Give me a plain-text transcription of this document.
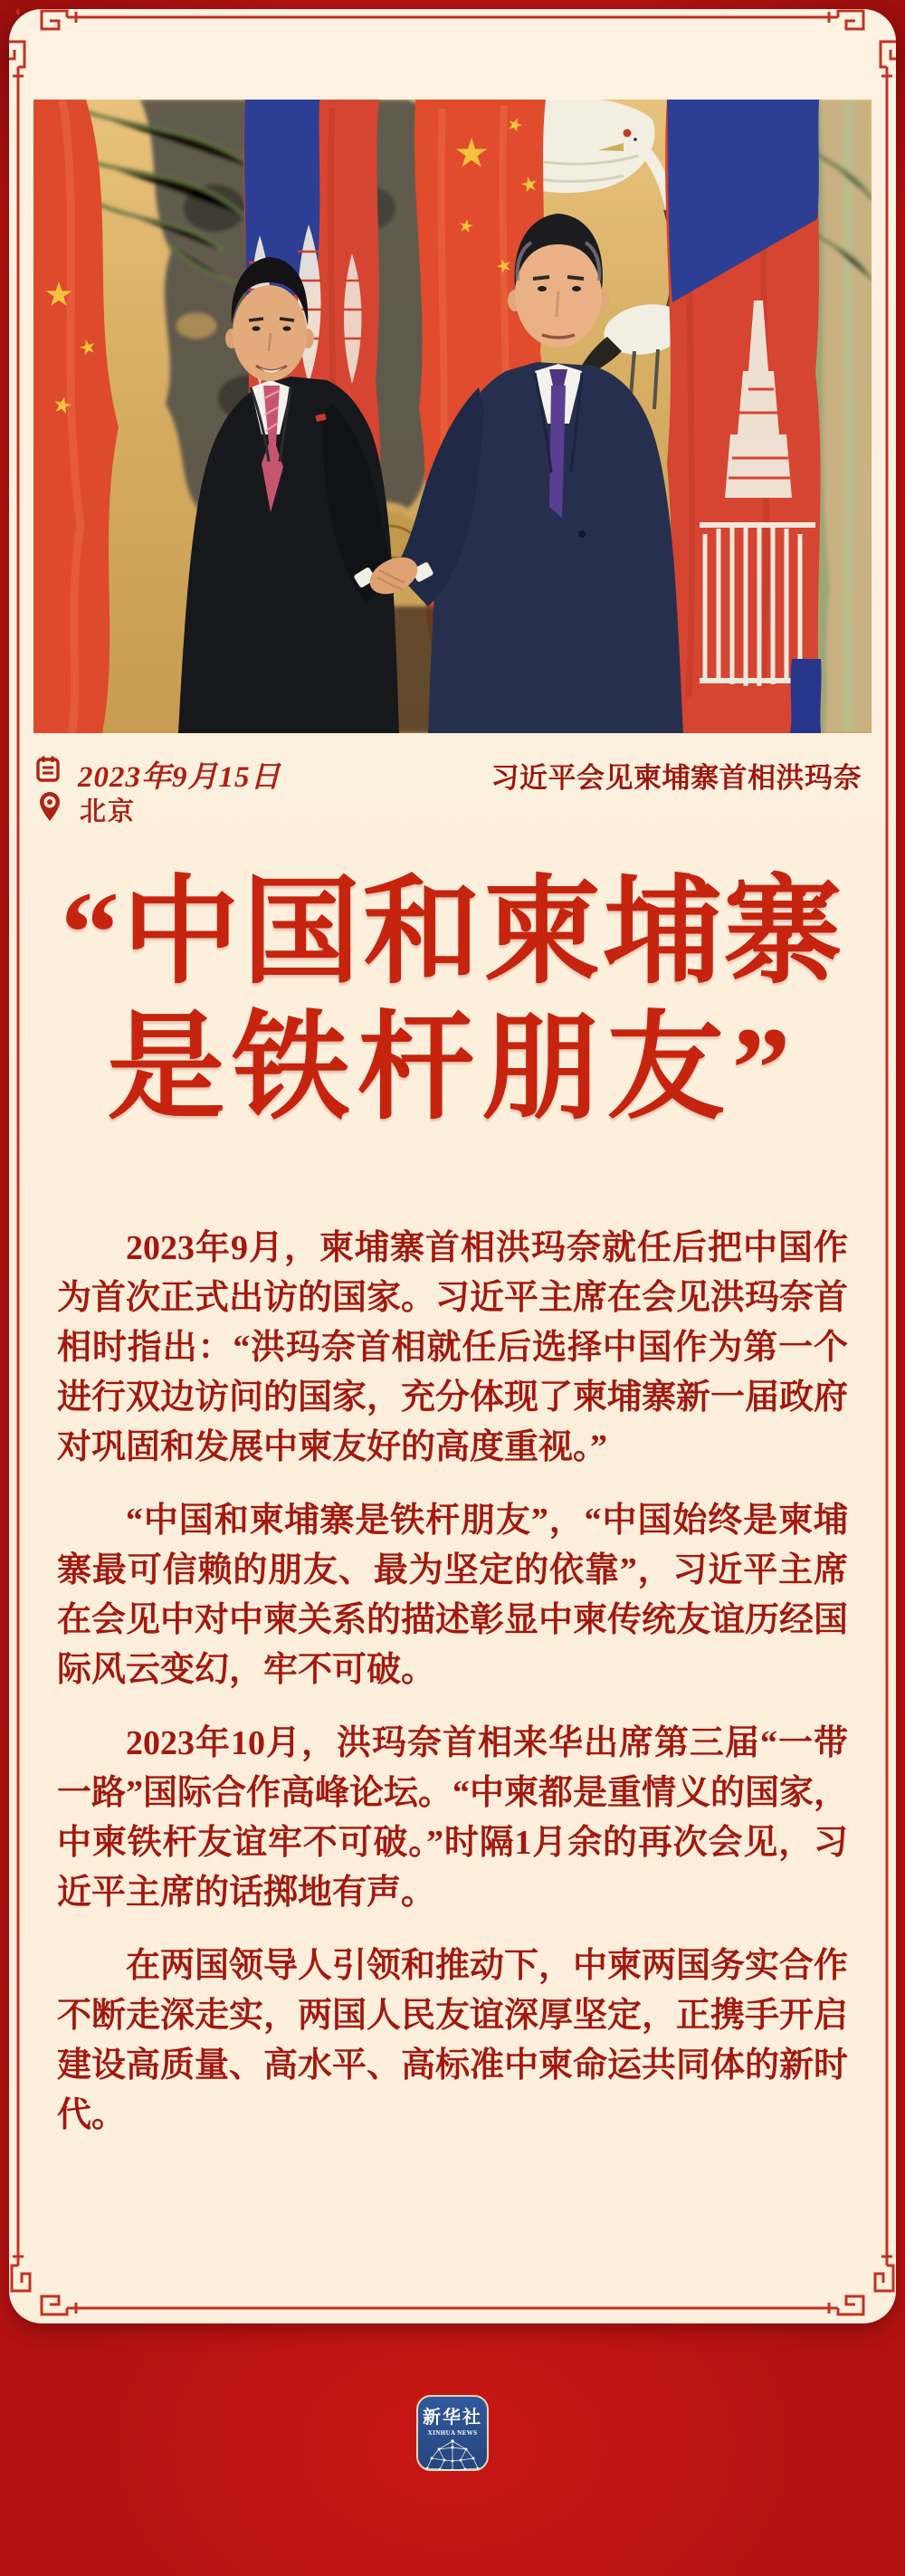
2023年9月15日	习近平会见柬埔寨首相洪玛奈
北京
“中国和柬埔寨
是铁杆朋友”

2023年9月，柬埔寨首相洪玛奈就任后把中国作为首次正式出访的国家。习近平主席在会见洪玛奈首相时指出：“洪玛奈首相就任后选择中国作为第一个进行双边访问的国家，充分体现了柬埔寨新一届政府对巩固和发展中柬友好的高度重视。”

“中国和柬埔寨是铁杆朋友”，“中国始终是柬埔寨最可信赖的朋友、最为坚定的依靠”，习近平主席在会见中对中柬关系的描述彰显中柬传统友谊历经国际风云变幻，牢不可破。

2023年10月，洪玛奈首相来华出席第三届“一带一路”国际合作高峰论坛。“中柬都是重情义的国家，中柬铁杆友谊牢不可破。”时隔1月余的再次会见，习近平主席的话掷地有声。

在两国领导人引领和推动下，中柬两国务实合作不断走深走实，两国人民友谊深厚坚定，正携手开启建设高质量、高水平、高标准中柬命运共同体的新时代。

新华社
XINHUA NEWS
